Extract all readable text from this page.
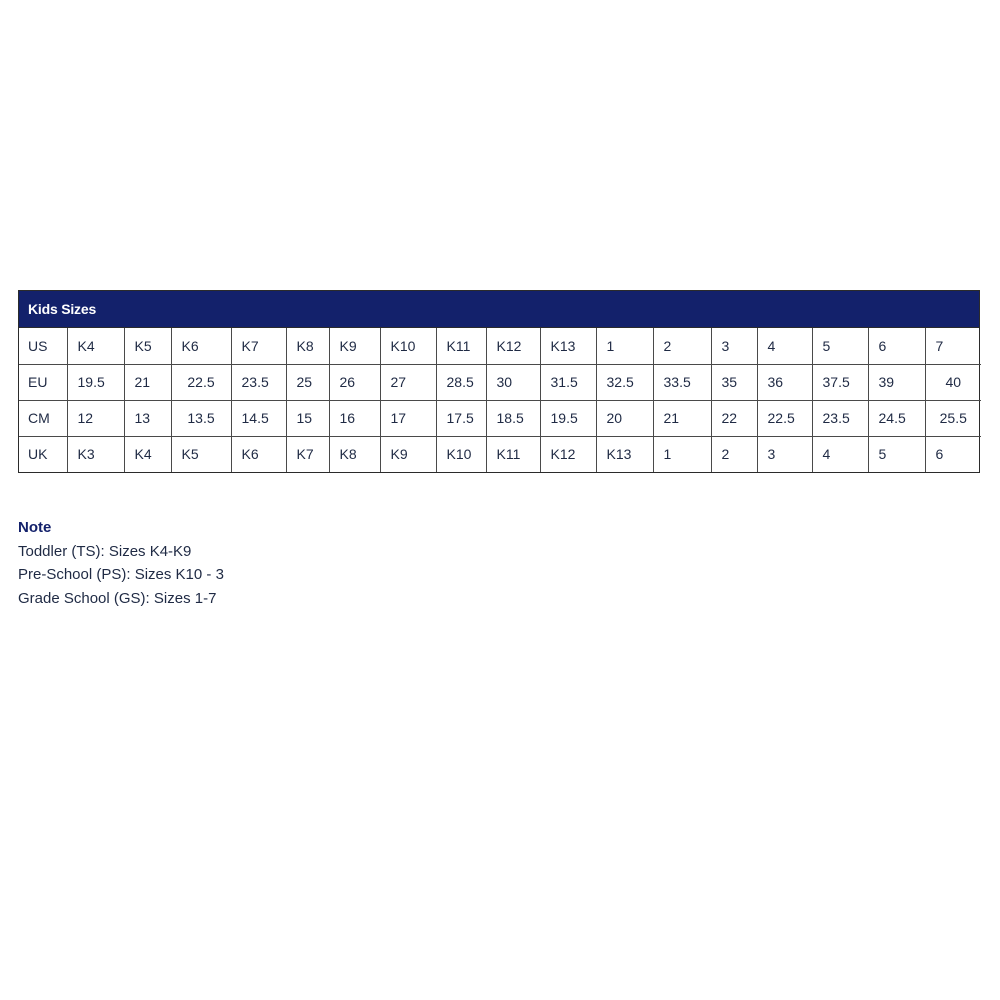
Kids Sizes
US	K4	K5	K6	K7	K8	K9	K10	K11	K12	K13	1	2	3	4	5	6	7
EU	19.5	21	22.5	23.5	25	26	27	28.5	30	31.5	32.5	33.5	35	36	37.5	39	40
CM	12	13	13.5	14.5	15	16	17	17.5	18.5	19.5	20	21	22	22.5	23.5	24.5	25.5
UK	K3	K4	K5	K6	K7	K8	K9	K10	K11	K12	K13	1	2	3	4	5	6
Note
Toddler (TS): Sizes K4-K9
Pre-School (PS): Sizes K10 - 3
Grade School (GS): Sizes 1-7
